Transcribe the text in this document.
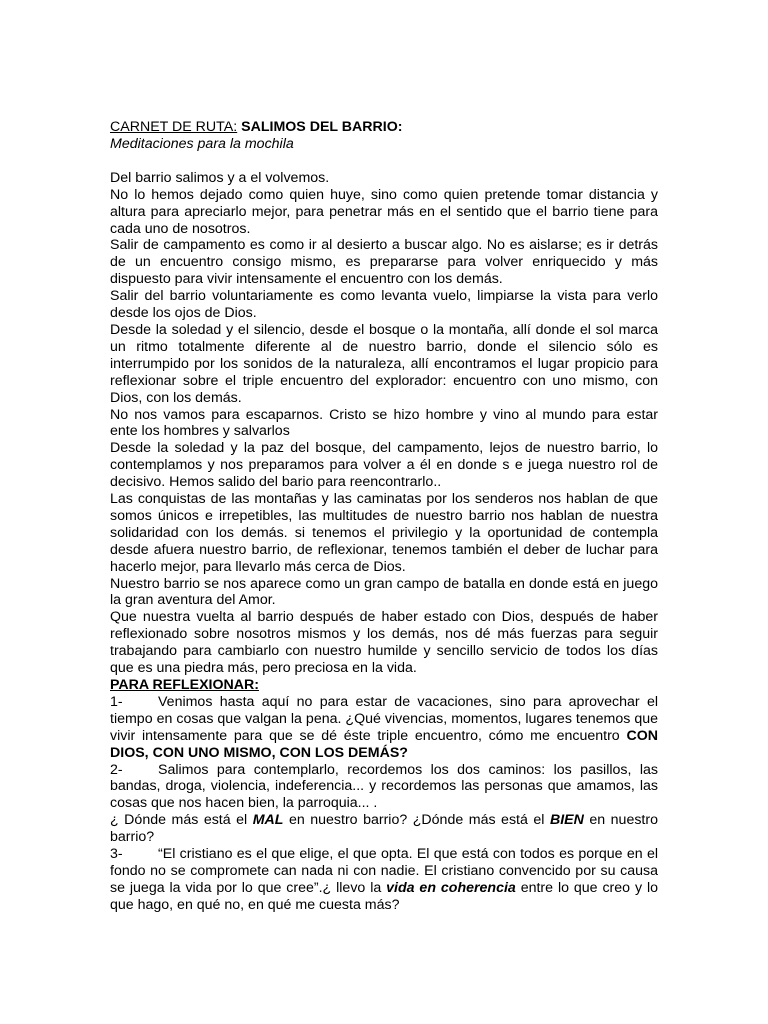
CARNET DE RUTA: SALIMOS DEL BARRIO:

Meditaciones para la mochila

Del barrio salimos y a el volvemos.

No lo hemos dejado como quien huye, sino como quien pretende tomar distancia y altura para apreciarlo mejor, para penetrar más en el sentido que el barrio tiene para cada uno de nosotros.

Salir de campamento es como ir al desierto a buscar algo. No es aislarse; es ir detrás de un encuentro consigo mismo, es prepararse para volver enriquecido y más dispuesto para vivir intensamente el encuentro con los demás.

Salir del barrio voluntariamente es como levanta vuelo, limpiarse la vista para verlo desde los ojos de Dios.

Desde la soledad y el silencio, desde el bosque o la montaña, allí donde el sol marca un ritmo totalmente diferente al de nuestro barrio, donde el silencio sólo es interrumpido por los sonidos de la naturaleza, allí encontramos el lugar propicio para reflexionar sobre el triple encuentro del explorador: encuentro con uno mismo, con Dios, con los demás.

No nos vamos para escaparnos. Cristo se hizo hombre y vino al mundo para estar ente los hombres y salvarlos

Desde la soledad y la paz del bosque, del campamento, lejos de nuestro barrio, lo contemplamos y nos preparamos para volver a él en donde s e juega nuestro rol de decisivo. Hemos salido del bario para reencontrarlo..

Las conquistas de las montañas y las caminatas por los senderos nos hablan de que somos únicos e irrepetibles, las multitudes de nuestro barrio nos hablan de nuestra solidaridad con los demás. si tenemos el privilegio y la oportunidad de contempla desde afuera nuestro barrio, de reflexionar, tenemos también el deber de luchar para hacerlo mejor, para llevarlo más cerca de Dios.

Nuestro barrio se nos aparece como un gran campo de batalla en donde está en juego la gran aventura del Amor.

Que nuestra vuelta al barrio después de haber estado con Dios, después de haber reflexionado sobre nosotros mismos y los demás, nos dé más fuerzas para seguir trabajando para cambiarlo con nuestro humilde y sencillo servicio de todos los días que es una piedra más, pero preciosa en la vida.

PARA REFLEXIONAR:

1- Venimos hasta aquí no para estar de vacaciones, sino para aprovechar el tiempo en cosas que valgan la pena. ¿Qué vivencias, momentos, lugares tenemos que vivir intensamente para que se dé éste triple encuentro, cómo me encuentro CON DIOS, CON UNO MISMO, CON LOS DEMÁS?

2- Salimos para contemplarlo, recordemos los dos caminos: los pasillos, las bandas, droga, violencia, indeferencia... y recordemos las personas que amamos, las cosas que nos hacen bien, la parroquia... .

¿ Dónde más está el MAL en nuestro barrio? ¿Dónde más está el BIEN en nuestro barrio?

3- “El cristiano es el que elige, el que opta. El que está con todos es porque en el fondo no se compromete can nada ni con nadie. El cristiano convencido por su causa se juega la vida por lo que cree”.¿ llevo la vida en coherencia entre lo que creo y lo que hago, en qué no, en qué me cuesta más?
